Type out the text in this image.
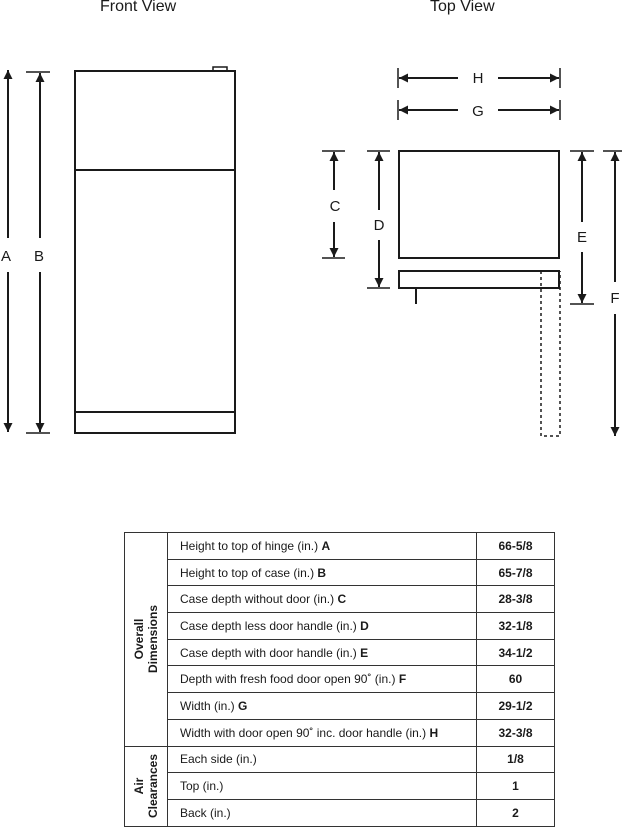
Front View	Top View
A B
H
G
C
D
E
F
Overall Dimensions	Height to top of hinge (in.) A	66-5/8
	Height to top of case (in.) B	65-7/8
	Case depth without door (in.) C	28-3/8
	Case depth less door handle (in.) D	32-1/8
	Case depth with door handle (in.) E	34-1/2
	Depth with fresh food door open 90˚ (in.) F	60
	Width (in.) G	29-1/2
	Width with door open 90˚ inc. door handle (in.) H	32-3/8

Air Clearances	Each side (in.)	1/8
	Top (in.)	1
	Back (in.)	2
